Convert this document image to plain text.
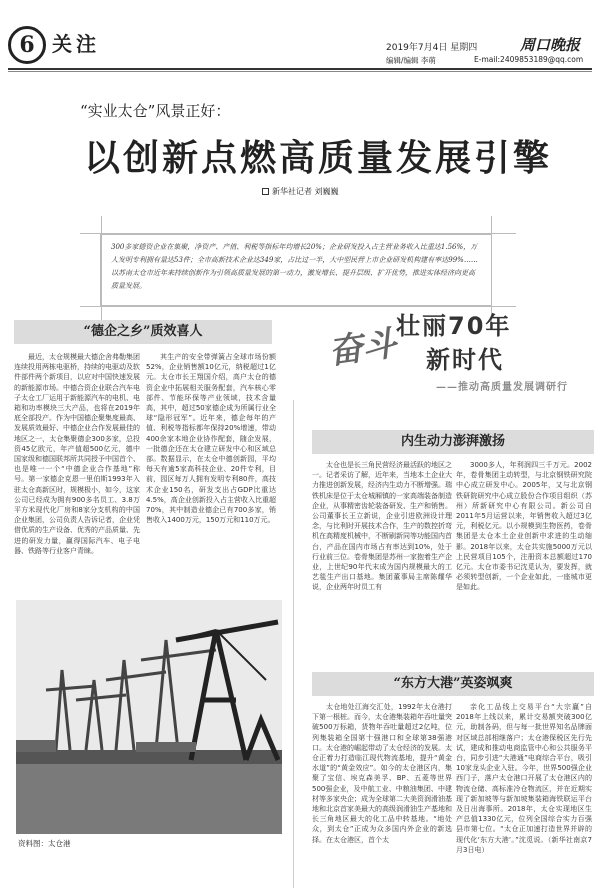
6 关注	2019年7月4日 星期四	周口晚报
编辑/编辑 李萌	E-mail:2409853189@qq.com
“实业太仓”风景正好：
以创新点燃高质量发展引擎
新华社记者 刘巍巍
300多家德资企业在集聚，净资产、产值、利税等指标年均增长20%；企业研发投入占主营业务收入比重达1.56%，万人发明专利拥有量达53件；全市高新技术企业达349家，占比过一半，大中型民营上市企业研发机构建有率达99%……以苏南太仓市近年来持续创新作为引领高质量发展的第一动力，激发增长、提升层级、扩开优势，推进实体经济向更高质量发展。
奋斗
壮丽70年
新时代
——推动高质量发展调研行
“德企之乡”质效喜人
内生动力澎湃激扬
“东方大港”英姿飒爽

最近，太仓规模最大德企舍弗勒集团连续投用两栋电驱桥，持续的电驱动及软件部件两个新项目，以应对中国快速发展的新能源市场。中德合资企业联合汽车电子太仓工厂运用于新能源汽车的电机、电箱和功率模块三大产品，也将在2019年底全部投产。作为中国德企聚集度最高、发展质效最好、中德企业合作发展最佳的地区之一，太仓集聚德企300多家，总投资45亿欧元，年产值超500亿元，德中国家级和德国联邦所共同授予中国首个、也是唯一一个“中德企业合作基地”称号。第一家德企克恩一里伯斯1993年入驻太仓高新区时，规模极小，如今，这家公司已经成为拥有900多名员工、3.8万平方米现代化厂房和8家分支机构的中国企业集团，公司负责人告诉记者，企业凭借优质的生产设备、优秀的产品质量、先进的研发力量，赢得国际汽车、电子电器、铁路等行业客户青睐。

其生产的安全带弹簧占全球市场份额52%，企业销售额10亿元，纳税超过1亿元。太仓市长王翔国介绍，高户太仓的德资企业中拓展相关服务配套，汽车核心零部件、节能环保等产业领域，技术含量高，其中，超过50家德企成为所属行业全球“隐形冠军”。近年来，德企每年的产值、利税等指标都年保持20%增速，带动400余家本地企业协作配套，随企发展，一批德企还在太仓建立研发中心和区域总部。数据显示，在太仓中德创新园，平均每天有逾5家高科技企业、20件专利，目前，园区每万人拥有发明专利80件，高技术企业150名，研发支出占GDP比重达4.5%，高企业创新投入占主营收入比重超70%，其中制造业德企已有700多家，销售收入1400万元，150万元和110万元。

太仓也是长三角民营经济最活跃的地区之一。记者采访了解，近年来，当地本土企业大力推进创新发展，经济内生动力不断增强。瑞铁机床是位于太仓城厢镇的一家高端装备制造企业，从事精密齿轮装备研发、生产和销售。公司董事长王立新说，企业引进欧洲设计理念，与比利时开展技术合作，生产的数控折弯机在高精度机械中，不断刷新同等功能国内首台，产品在国内市场占有率达到10%，处于行业前三位。卷骨集团是苏州一家抱着生产企业，上世纪90年代末成为国内规模最大的工艺毯生产出口基地。集团董事局主席陈耀华说，企业两年时员工有

3000多人，年利润四三千万元。2002年，卷骨集团主动转型，与北京钢铁研究院中心成立研发中心。2005年，又与北京钢铁研院研究中心成立股份合作项目组织（苏州）所新研究中心有限公司。新公司自2011年5月运营以来，年销售收入超过3亿元，利税亿元。以小规模到生物医药，卷骨集团是太仓本土企业创新中求进的生动缩影。2018年以来，太仓共实施5000万元以上民营项目105个，注册资本总额超过170亿元。太仓市委书记沈觅认为，要发挥，就必须转型创新，一个企业如此，一座城市更是如此。

太仓地处江海交汇处，1992年太仓港打下第一根桩。而今，太仓港集装箱年吞吐量突破500万标箱，货物年吞吐量超过2亿吨，位列集装箱全国第十强港口和全球第38强港口。太仓港的崛起带动了太仓经济的发展。太仓正着力打造临江现代物流基地，提升“黄金水道”的“黄金效应”。如今的太仓港区内，集聚了宝信、埃克森美孚、BP、五菱等世界500强企业，及中航工业、中粮油集团、中建材等多家央企；成为全球第二大美资润滑油基地和北京首家美最大的高级润滑油生产基地和长三角地区最大的化工品中转基地。“地处众，到太仓”正成为众多国内外企业的新选择。在太仓港区，首个太

亲化工品线上交易平台“大宗赢”自2018年上线以来，累计交易额突破300亿元，助制各码，但与每一批世界知名品牌面对区域总部相继落户；太仓港保税区先行先试，建成和推动电商监管中心和公共服务平台，同步引进“大港通”电商综合平台，吸引10家龙头企业入驻。今年，世界500强企业西门子，落户太仓港口开展了太仓港区内的物流仓储、高标准冷仓物流区，并在近期实现了新加坡等与新加坡集装箱海铁联运平台及日出海事所。2018年，太仓实现地区生产总值1330亿元，位列全国综合实力百强县市第七位。“太仓正加速打造世界并辟的现代化‘东方大港’。”沈觅说。（新华社南京7月3日电）

资料图：太仓港
